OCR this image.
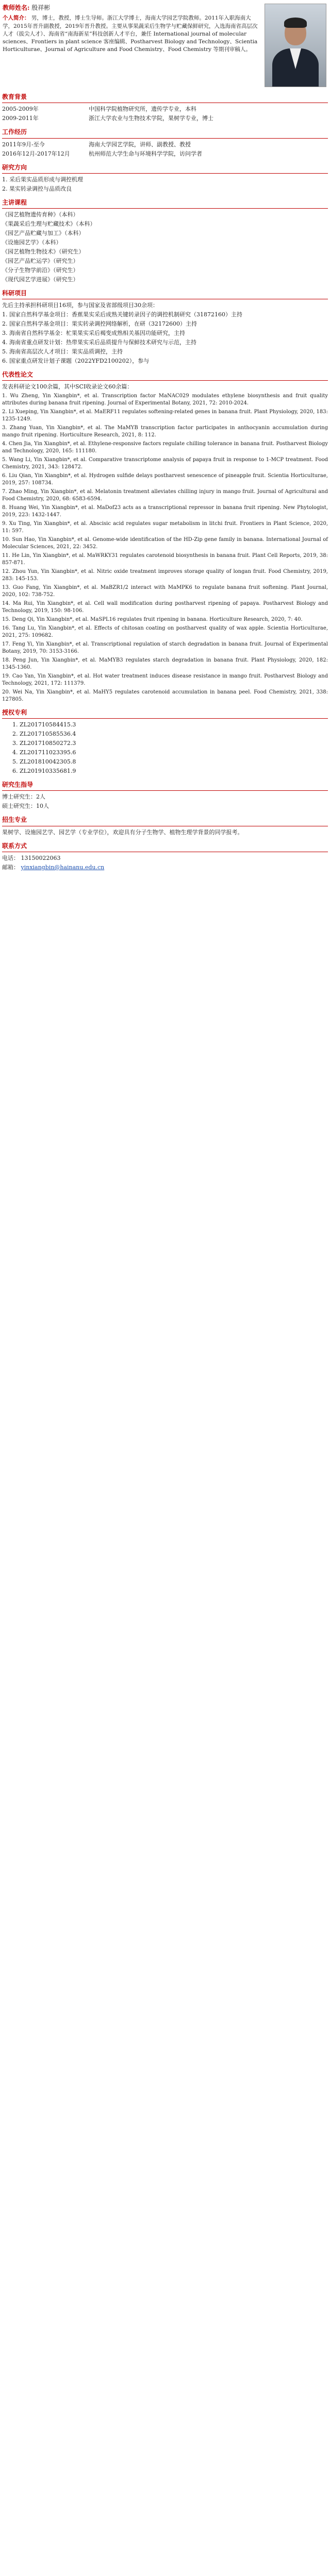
教师姓名: 殷祥彬
个人简介： 男，博士，教授，博士生导师。浙江大学博士，海南大学园艺学院教师。2011年入职海南大学，2015年晋升副教授，2019年晋升教授。主要从事果蔬采后生物学与贮藏保鲜研究，入选海南省高层次人才（拔尖人才）、海南省“南海新星”科技创新人才平台，兼任 International journal of molecular sciences、Frontiers in plant science 客座编辑、Postharvest Biology and Technology、Scientia Horticulturae、Journal of Agriculture and Food Chemistry、Food Chemistry 等期刊审稿人。

教育背景
2005-2009年	中国科学院植物研究所，遗传学专业，本科
2009-2011年	浙江大学农业与生物技术学院，果树学专业，博士
工作经历
2011年9月-至今	海南大学园艺学院，讲师、副教授、教授
2016年12月-2017年12月	杭州师范大学生命与环境科学学院，访问学者
研究方向
1. 采后果实品质形成与调控机理
2. 果实转录调控与品质改良
主讲课程
《园艺植物遗传育种》（本科）
《果蔬采后生理与贮藏技术》（本科）
《园艺产品贮藏与加工》（本科）
《设施园艺学》（本科）
《园艺植物生物技术》（研究生）
《园艺产品贮运学》（研究生）
《分子生物学前沿》（研究生）
《现代园艺学进展》（研究生）
科研项目
先后主持承担科研项目16项，参与国家及省部级项目30余项：
1. 国家自然科学基金项目：香蕉果实采后成熟关键转录因子的调控机制研究（31872160）主持
2. 国家自然科学基金项目：果实转录调控网络解析，在研（32172600）主持
3. 海南省自然科学基金：杧果果实采后褐变成熟相关基因功能研究，主持
4. 海南省重点研发计划：热带果实采后品质提升与保鲜技术研究与示范，主持
5. 海南省高层次人才项目：果实品质调控，主持
6. 国家重点研发计划子课题（2022YFD2100202），参与
代表性论文
发表科研论文100余篇，其中SCI收录论文60余篇：
1. Wu Zheng, Yin Xiangbin*, et al. Transcription factor MaNAC029 modulates ethylene biosynthesis and fruit quality attributes during banana fruit ripening. Journal of Experimental Botany, 2021, 72: 2010-2024.
2. Li Xueping, Yin Xiangbin*, et al. MaERF11 regulates softening-related genes in banana fruit. Plant Physiology, 2020, 183: 1235-1249.
3. Zhang Yuan, Yin Xiangbin*, et al. The MaMYB transcription factor participates in anthocyanin accumulation during mango fruit ripening. Horticulture Research, 2021, 8: 112.
4. Chen Jia, Yin Xiangbin*, et al. Ethylene-responsive factors regulate chilling tolerance in banana fruit. Postharvest Biology and Technology, 2020, 165: 111180.
5. Wang Li, Yin Xiangbin*, et al. Comparative transcriptome analysis of papaya fruit in response to 1-MCP treatment. Food Chemistry, 2021, 343: 128472.
6. Liu Qian, Yin Xiangbin*, et al. Hydrogen sulfide delays postharvest senescence of pineapple fruit. Scientia Horticulturae, 2019, 257: 108734.
7. Zhao Ming, Yin Xiangbin*, et al. Melatonin treatment alleviates chilling injury in mango fruit. Journal of Agricultural and Food Chemistry, 2020, 68: 6583-6594.
8. Huang Wei, Yin Xiangbin*, et al. MaDof23 acts as a transcriptional repressor in banana fruit ripening. New Phytologist, 2019, 223: 1432-1447.
9. Xu Ting, Yin Xiangbin*, et al. Abscisic acid regulates sugar metabolism in litchi fruit. Frontiers in Plant Science, 2020, 11: 597.
10. Sun Hao, Yin Xiangbin*, et al. Genome-wide identification of the HD-Zip gene family in banana. International Journal of Molecular Sciences, 2021, 22: 3452.
11. He Lin, Yin Xiangbin*, et al. MaWRKY31 regulates carotenoid biosynthesis in banana fruit. Plant Cell Reports, 2019, 38: 857-871.
12. Zhou Yun, Yin Xiangbin*, et al. Nitric oxide treatment improves storage quality of longan fruit. Food Chemistry, 2019, 283: 145-153.
13. Guo Fang, Yin Xiangbin*, et al. MaBZR1/2 interact with MaMPK6 to regulate banana fruit softening. Plant Journal, 2020, 102: 738-752.
14. Ma Rui, Yin Xiangbin*, et al. Cell wall modification during postharvest ripening of papaya. Postharvest Biology and Technology, 2019, 150: 98-106.
15. Deng Qi, Yin Xiangbin*, et al. MaSPL16 regulates fruit ripening in banana. Horticulture Research, 2020, 7: 40.
16. Tang Lu, Yin Xiangbin*, et al. Effects of chitosan coating on postharvest quality of wax apple. Scientia Horticulturae, 2021, 275: 109682.
17. Feng Yi, Yin Xiangbin*, et al. Transcriptional regulation of starch degradation in banana fruit. Journal of Experimental Botany, 2019, 70: 3153-3166.
18. Peng Jun, Yin Xiangbin*, et al. MaMYB3 regulates starch degradation in banana fruit. Plant Physiology, 2020, 182: 1345-1360.
19. Cao Yan, Yin Xiangbin*, et al. Hot water treatment induces disease resistance in mango fruit. Postharvest Biology and Technology, 2021, 172: 111379.
20. Wei Na, Yin Xiangbin*, et al. MaHY5 regulates carotenoid accumulation in banana peel. Food Chemistry, 2021, 338: 127805.
授权专利
1. ZL201710584415.3
2. ZL201710585536.4
3. ZL201710850272.3
4. ZL201711023395.6
5. ZL201810042305.8
6. ZL201910335681.9
研究生指导
博士研究生：2人
硕士研究生：10人
招生专业
果树学、设施园艺学、园艺学（专业学位），欢迎具有分子生物学、植物生理学背景的同学报考。
联系方式
电话： 13150022063
邮箱： yinxiangbin@hainanu.edu.cn
